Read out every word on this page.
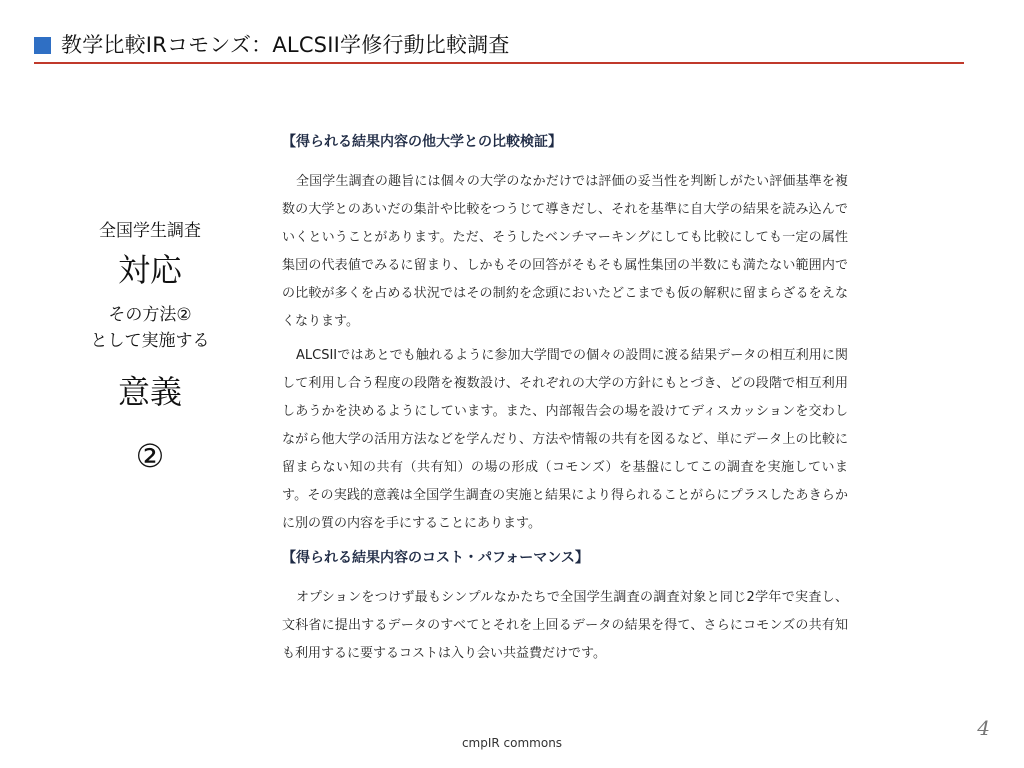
教学比較IRコモンズ：ALCSII学修行動比較調査
全国学生調査
対応
その方法②
として実施する
意義
②
【得られる結果内容の他大学との比較検証】

全国学生調査の趣旨には個々の大学のなかだけでは評価の妥当性を判断しがたい評価基準を複数の大学とのあいだの集計や比較をつうじて導きだし、それを基準に自大学の結果を読み込んでいくということがあります。ただ、そうしたベンチマーキングにしても比較にしても一定の属性集団の代表値でみるに留まり、しかもその回答がそもそも属性集団の半数にも満たない範囲内での比較が多くを占める状況ではその制約を念頭においたどこまでも仮の解釈に留まらざるをえなくなります。

ALCSIIではあとでも触れるように参加大学間での個々の設問に渡る結果データの相互利用に関して利用し合う程度の段階を複数設け、それぞれの大学の方針にもとづき、どの段階で相互利用しあうかを決めるようにしています。また、内部報告会の場を設けてディスカッションを交わしながら他大学の活用方法などを学んだり、方法や情報の共有を図るなど、単にデータ上の比較に留まらない知の共有（共有知）の場の形成（コモンズ）を基盤にしてこの調査を実施しています。その実践的意義は全国学生調査の実施と結果により得られることがらにプラスしたあきらかに別の質の内容を手にすることにあります。

【得られる結果内容のコスト・パフォーマンス】

オプションをつけず最もシンプルなかたちで全国学生調査の調査対象と同じ2学年で実査し、文科省に提出するデータのすべてとそれを上回るデータの結果を得て、さらにコモンズの共有知も利用するに要するコストは入り会い共益費だけです。

4
cmpIR commons
